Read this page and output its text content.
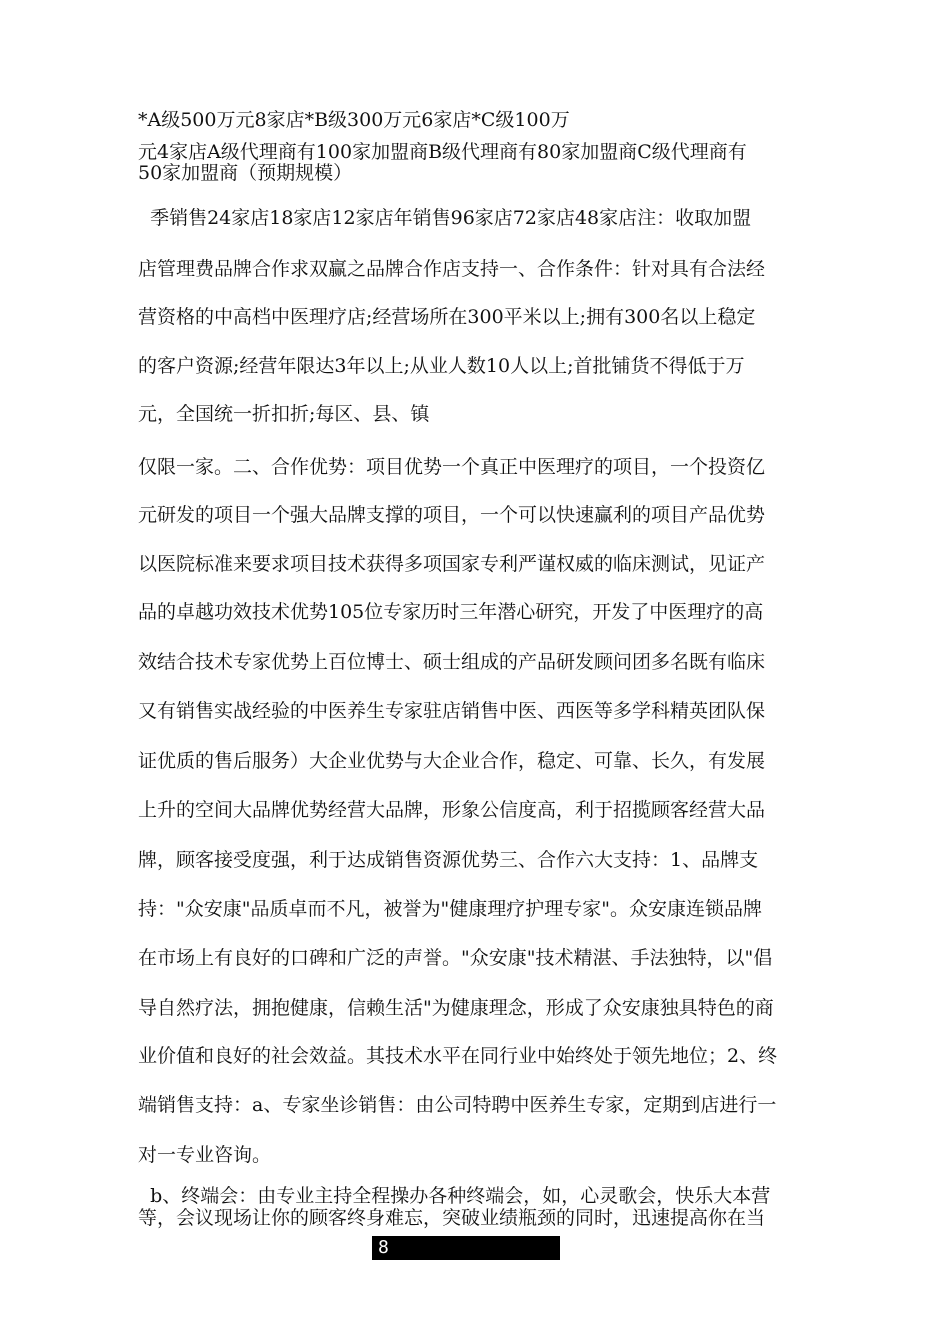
*A级500万元8家店*B级300万元6家店*C级100万

元4家店A级代理商有100家加盟商B级代理商有80家加盟商C级代理商有

50家加盟商（预期规模）

季销售24家店18家店12家店年销售96家店72家店48家店注：收取加盟

店管理费品牌合作求双赢之品牌合作店支持一、合作条件：针对具有合法经

营资格的中高档中医理疗店;经营场所在300平米以上;拥有300名以上稳定

的客户资源;经营年限达3年以上;从业人数10人以上;首批铺货不得低于万

元，全国统一折扣折;每区、县、镇

仅限一家。二、合作优势：项目优势一个真正中医理疗的项目，一个投资亿

元研发的项目一个强大品牌支撑的项目，一个可以快速赢利的项目产品优势

以医院标准来要求项目技术获得多项国家专利严谨权威的临床测试，见证产

品的卓越功效技术优势105位专家历时三年潜心研究，开发了中医理疗的高

效结合技术专家优势上百位博士、硕士组成的产品研发顾问团多名既有临床

又有销售实战经验的中医养生专家驻店销售中医、西医等多学科精英团队保

证优质的售后服务）大企业优势与大企业合作，稳定、可靠、长久，有发展

上升的空间大品牌优势经营大品牌，形象公信度高，利于招揽顾客经营大品

牌，顾客接受度强，利于达成销售资源优势三、合作六大支持：1、品牌支

持："众安康"品质卓而不凡，被誉为"健康理疗护理专家"。众安康连锁品牌

在市场上有良好的口碑和广泛的声誉。"众安康"技术精湛、手法独特，以"倡

导自然疗法，拥抱健康，信赖生活"为健康理念，形成了众安康独具特色的商

业价值和良好的社会效益。其技术水平在同行业中始终处于领先地位；2、终

端销售支持：a、专家坐诊销售：由公司特聘中医养生专家，定期到店进行一

对一专业咨询。

b、终端会：由专业主持全程操办各种终端会，如，心灵歌会，快乐大本营

等，会议现场让你的顾客终身难忘，突破业绩瓶颈的同时，迅速提高你在当

8
